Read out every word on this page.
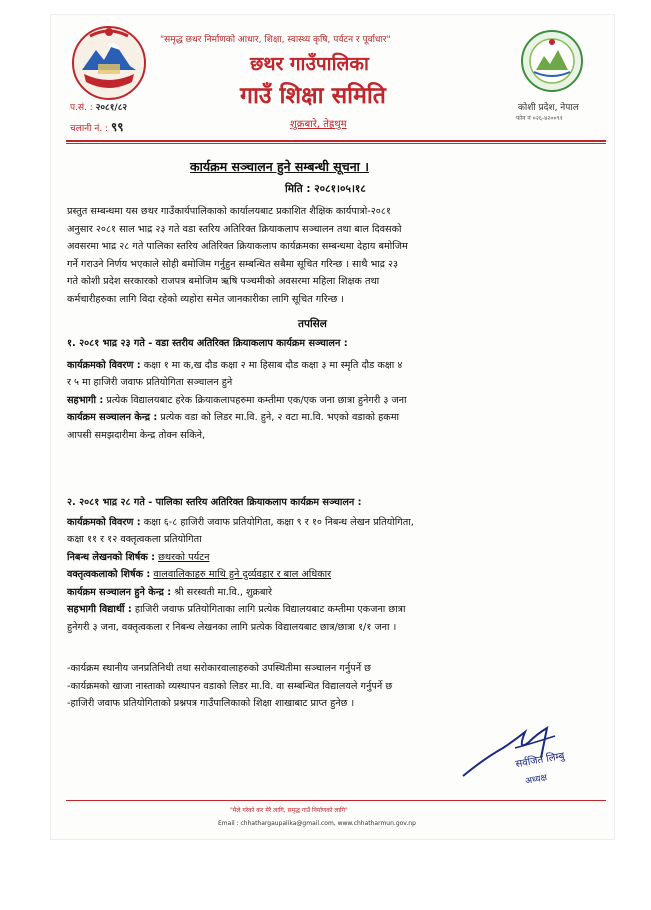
"समृद्ध छथर निर्माणको आधार, शिक्षा, स्वास्थ्य कृषि, पर्यटन र पूर्वाधार"
छथर गाउँपालिका
गाउँ शिक्षा समिति
शुक्रबारे, तेह्रथुम
प.सं. : २०८१/८२
चलानी नं. : ९९
कोशी प्रदेश, नेपाल
फोन नं ०२६-४२००९१
कार्यक्रम सञ्चालन हुने सम्बन्धी सूचना ।
मिति : २०८१।०५।१८
प्रस्तुत सम्बन्धमा यस छथर गाउँकार्यपालिकाको कार्यालयबाट प्रकाशित शैक्षिक कार्यपात्रो-२०८१
अनुसार २०८१ साल भाद्र २३ गते वडा स्तरिय अतिरिक्त क्रियाकलाप सञ्चालन तथा बाल दिवसको
अवसरमा भाद्र २८ गते पालिका स्तरिय अतिरिक्त क्रियाकलाप कार्यक्रमका सम्बन्धमा देहाय बमोजिम
गर्ने गराउने निर्णय भएकाले सोही बमोजिम गर्नुहुन सम्बन्धित सबैमा सूचित गरिन्छ । साथै भाद्र २३
गते कोशी प्रदेश सरकारको राजपत्र बमोजिम ऋषि पञ्चमीको अवसरमा महिला शिक्षक तथा
कर्मचारीहरुका लागि विदा रहेको व्यहोरा समेत जानकारीका लागि सूचित गरिन्छ ।
तपसिल
१. २०८१ भाद्र २३ गते - वडा स्तरीय अतिरिक्त क्रियाकलाप कार्यक्रम सञ्चालन :
कार्यक्रमको विवरण : कक्षा १ मा क,ख दौड कक्षा २ मा हिसाब दौड कक्षा ३ मा स्मृति दौड कक्षा ४
र ५ मा हाजिरी जवाफ प्रतियोगिता सञ्चालन हुने
सहभागी : प्रत्येक विद्यालयबाट हरेक क्रियाकलापहरुमा कम्तीमा एक/एक जना छात्रा हुनेगरी ३ जना
कार्यक्रम सञ्चालन केन्द्र : प्रत्येक वडा को लिडर मा.वि. हुने, २ वटा मा.वि. भएको वडाको हकमा
आपसी समझदारीमा केन्द्र तोक्न सकिने,
२. २०८१ भाद्र २८ गते - पालिका स्तरिय अतिरिक्त क्रियाकलाप कार्यक्रम सञ्चालन :
कार्यक्रमको विवरण : कक्षा ६-८ हाजिरी जवाफ प्रतियोगिता, कक्षा ९ र १० निबन्ध लेखन प्रतियोगिता,
कक्षा ११ र १२ वक्तृत्वकला प्रतियोगिता
निबन्ध लेखनको शिर्षक : छथरको पर्यटन
वक्तृत्वकलाको शिर्षक : वालवालिकाहरु माथि हुने दुर्व्यवहार र बाल अधिकार
कार्यक्रम सञ्चालन हुने केन्द्र : श्री सरस्वती मा.वि., शुक्रबारे
सहभागी विद्यार्थी : हाजिरी जवाफ प्रतियोगिताका लागि प्रत्येक विद्यालयबाट कम्तीमा एकजना छात्रा
हुनेगरी ३ जना, वक्तृत्वकला र निबन्ध लेखनका लागि प्रत्येक विद्यालयबाट छात्र/छात्रा १/१ जना ।
-कार्यक्रम स्थानीय जनप्रतिनिधी तथा सरोकारवालाहरुको उपस्थितीमा सञ्चालन गर्नुपर्ने छ
-कार्यक्रमको खाजा नास्ताको व्यस्थापन वडाको लिडर मा.वि. वा सम्बन्धित विद्यालयले गर्नुपर्ने छ
-हाजिरी जवाफ प्रतियोगिताको प्रश्नपत्र गाउँपालिकाको शिक्षा शाखाबाट प्राप्त हुनेछ ।
सर्वजित लिम्बु
अध्यक्ष
"मैले गरेको कर मेरै लागि, समृद्ध गाउँ निर्माणको लागि"
Email : chhathargaupalika@gmail.com, www.chhatharmun.gov.np
